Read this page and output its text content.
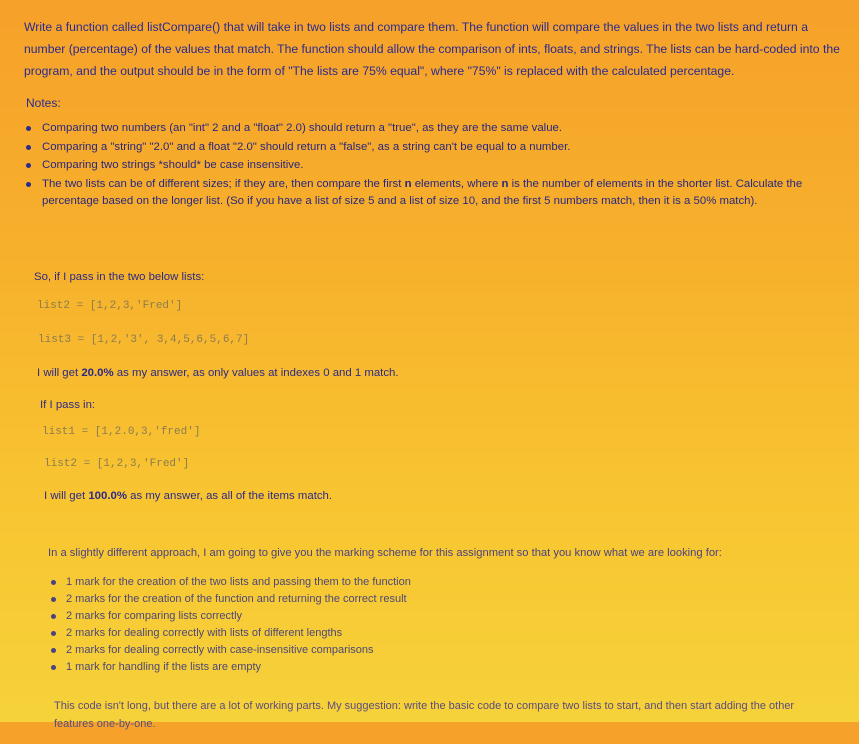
Write a function called listCompare() that will take in two lists and compare them. The function will compare the values in the two lists and return a number (percentage) of the values that match. The function should allow the comparison of ints, floats, and strings. The lists can be hard-coded into the program, and the output should be in the form of "The lists are 75% equal", where "75%" is replaced with the calculated percentage.

Notes:
Comparing two numbers (an "int" 2 and a "float" 2.0) should return a "true", as they are the same value.
Comparing a "string" "2.0" and a float "2.0" should return a "false", as a string can't be equal to a number.
Comparing two strings *should* be case insensitive.
The two lists can be of different sizes; if they are, then compare the first n elements, where n is the number of elements in the shorter list. Calculate the percentage based on the longer list. (So if you have a list of size 5 and a list of size 10, and the first 5 numbers match, then it is a 50% match).

So, if I pass in the two below lists:

list2 = [1,2,3,'Fred']

list3 = [1,2,'3', 3,4,5,6,5,6,7]

I will get 20.0% as my answer, as only values at indexes 0 and 1 match.

If I pass in:

list1 = [1,2.0,3,'fred']

list2 = [1,2,3,'Fred']

I will get 100.0% as my answer, as all of the items match.

In a slightly different approach, I am going to give you the marking scheme for this assignment so that you know what we are looking for:

1 mark for the creation of the two lists and passing them to the function
2 marks for the creation of the function and returning the correct result
2 marks for comparing lists correctly
2 marks for dealing correctly with lists of different lengths
2 marks for dealing correctly with case-insensitive comparisons
1 mark for handling if the lists are empty

This code isn't long, but there are a lot of working parts. My suggestion: write the basic code to compare two lists to start, and then start adding the other features one-by-one.
